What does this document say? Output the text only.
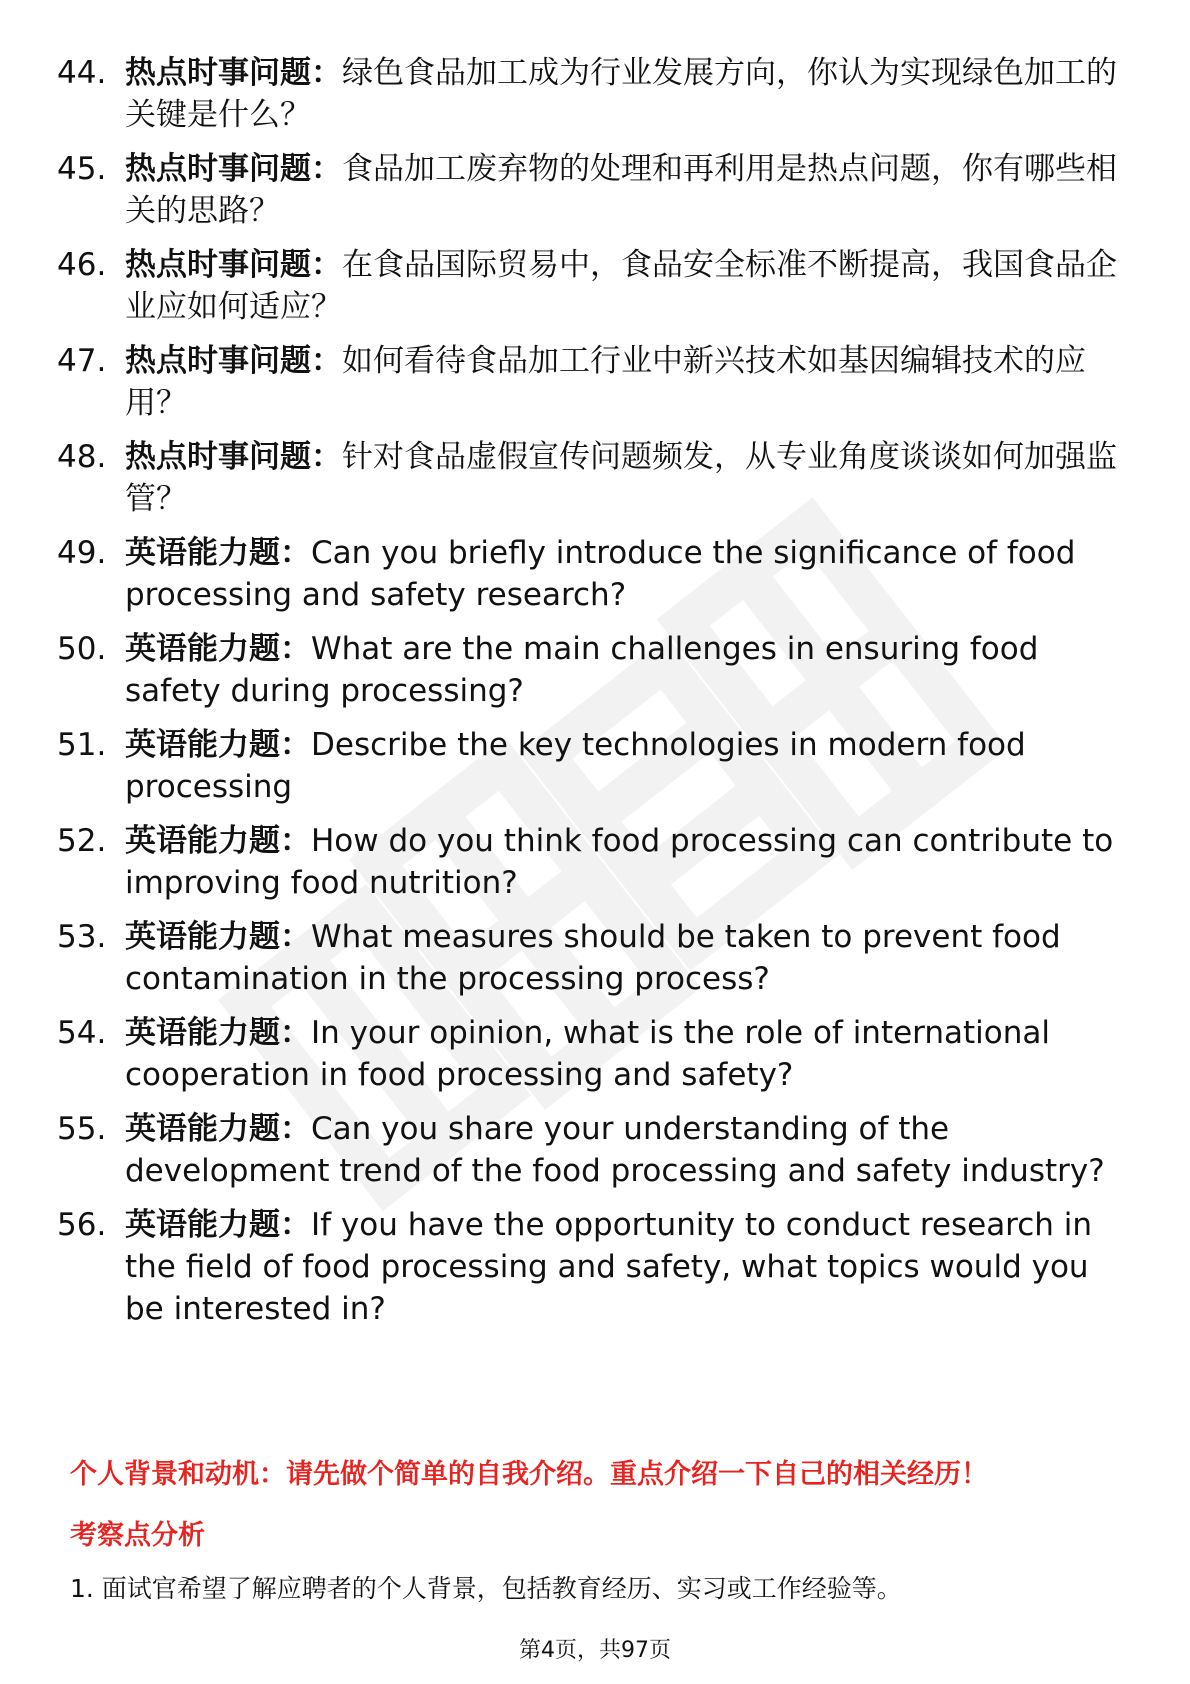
44. 热点时事问题：绿色食品加工成为行业发展方向，你认为实现绿色加工的关键是什么？
45. 热点时事问题：食品加工废弃物的处理和再利用是热点问题，你有哪些相关的思路？
46. 热点时事问题：在食品国际贸易中，食品安全标准不断提高，我国食品企业应如何适应？
47. 热点时事问题：如何看待食品加工行业中新兴技术如基因编辑技术的应用？
48. 热点时事问题：针对食品虚假宣传问题频发，从专业角度谈谈如何加强监管？
49. 英语能力题：Can you briefly introduce the significance of food processing and safety research?
50. 英语能力题：What are the main challenges in ensuring food safety during processing?
51. 英语能力题：Describe the key technologies in modern food processing
52. 英语能力题：How do you think food processing can contribute to improving food nutrition?
53. 英语能力题：What measures should be taken to prevent food contamination in the processing process?
54. 英语能力题：In your opinion, what is the role of international cooperation in food processing and safety?
55. 英语能力题：Can you share your understanding of the development trend of the food processing and safety industry?
56. 英语能力题：If you have the opportunity to conduct research in the field of food processing and safety, what topics would you be interested in?

个人背景和动机：请先做个简单的自我介绍。重点介绍一下自己的相关经历！

考察点分析

1. 面试官希望了解应聘者的个人背景，包括教育经历、实习或工作经验等。

第4页，共97页
